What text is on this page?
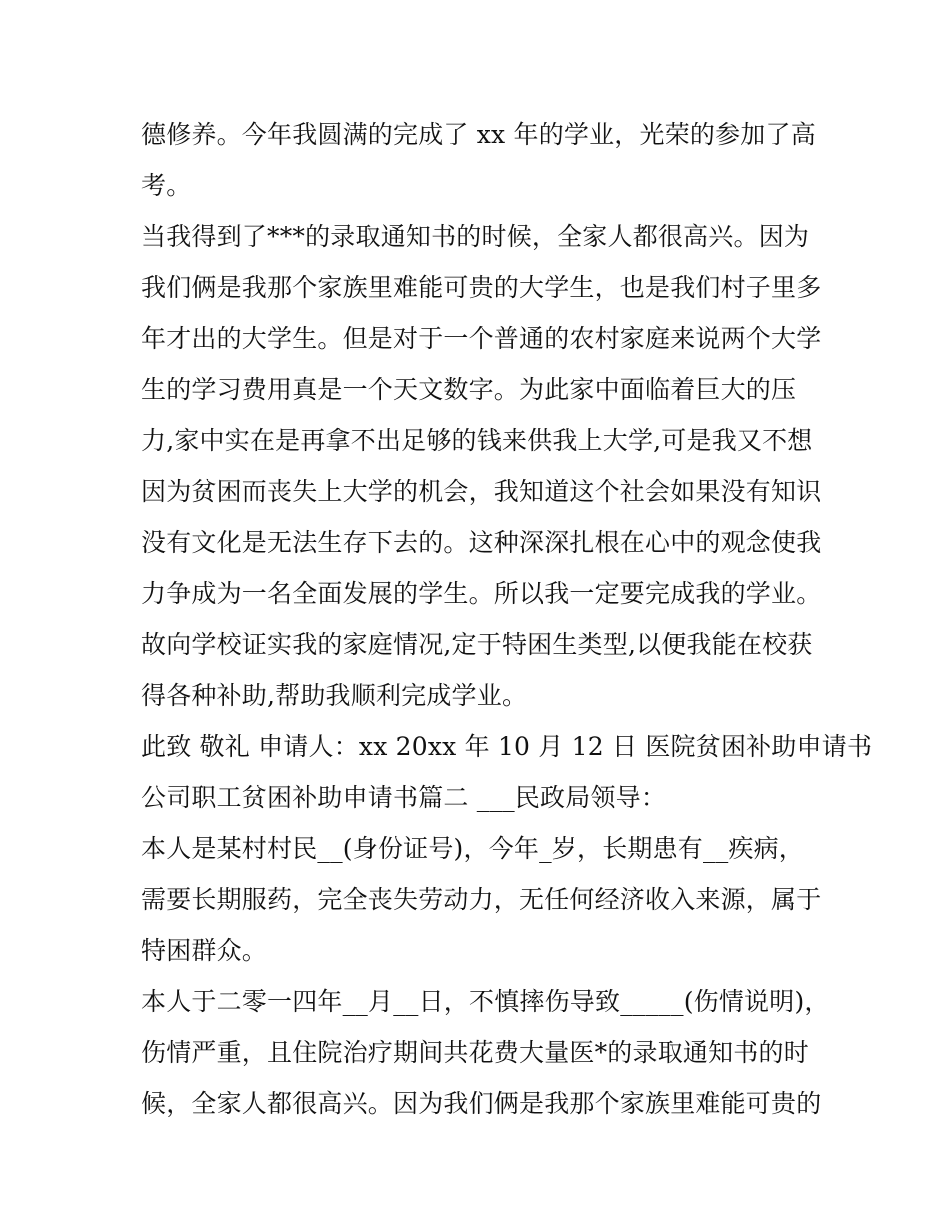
德修养。今年我圆满的完成了 xx 年的学业，光荣的参加了高
考。
当我得到了***的录取通知书的时候，全家人都很高兴。因为
我们俩是我那个家族里难能可贵的大学生，也是我们村子里多
年才出的大学生。但是对于一个普通的农村家庭来说两个大学
生的学习费用真是一个天文数字。为此家中面临着巨大的压
力,家中实在是再拿不出足够的钱来供我上大学,可是我又不想
因为贫困而丧失上大学的机会，我知道这个社会如果没有知识
没有文化是无法生存下去的。这种深深扎根在心中的观念使我
力争成为一名全面发展的学生。所以我一定要完成我的学业。
故向学校证实我的家庭情况,定于特困生类型,以便我能在校获
得各种补助,帮助我顺利完成学业。
此致 敬礼 申请人：xx 20xx 年 10 月 12 日 医院贫困补助申请书
公司职工贫困补助申请书篇二 ___民政局领导：
本人是某村村民__(身份证号)，今年_岁，长期患有__疾病，
需要长期服药，完全丧失劳动力，无任何经济收入来源，属于
特困群众。
本人于二零一四年__月__日，不慎摔伤导致_____(伤情说明)，
伤情严重，且住院治疗期间共花费大量医*的录取通知书的时
候，全家人都很高兴。因为我们俩是我那个家族里难能可贵的
